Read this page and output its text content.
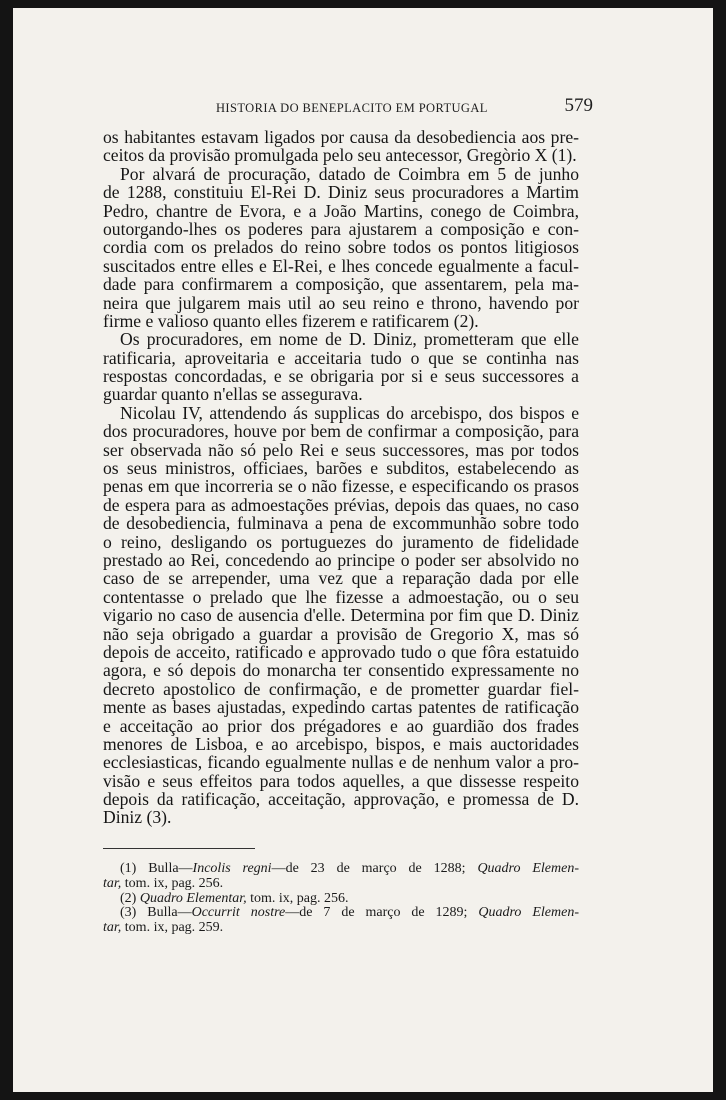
HISTORIA DO BENEPLACITO EM PORTUGAL	579
os habitantes estavam ligados por causa da desobediencia aos pre-
ceitos da provisão promulgada pelo seu antecessor, Gregòrio X (1).
Por alvará de procuração, datado de Coimbra em 5 de junho
de 1288, constituiu El-Rei D. Diniz seus procuradores a Martim
Pedro, chantre de Evora, e a João Martins, conego de Coimbra,
outorgando-lhes os poderes para ajustarem a composição e con-
cordia com os prelados do reino sobre todos os pontos litigiosos
suscitados entre elles e El-Rei, e lhes concede egualmente a facul-
dade para confirmarem a composição, que assentarem, pela ma-
neira que julgarem mais util ao seu reino e throno, havendo por
firme e valioso quanto elles fizerem e ratificarem (2).
Os procuradores, em nome de D. Diniz, prometteram que elle
ratificaria, aproveitaria e acceitaria tudo o que se continha nas
respostas concordadas, e se obrigaria por si e seus successores a
guardar quanto n'ellas se assegurava.
Nicolau IV, attendendo ás supplicas do arcebispo, dos bispos e
dos procuradores, houve por bem de confirmar a composição, para
ser observada não só pelo Rei e seus successores, mas por todos
os seus ministros, officiaes, barões e subditos, estabelecendo as
penas em que incorreria se o não fizesse, e especificando os prasos
de espera para as admoestações prévias, depois das quaes, no caso
de desobediencia, fulminava a pena de excommunhão sobre todo
o reino, desligando os portuguezes do juramento de fidelidade
prestado ao Rei, concedendo ao principe o poder ser absolvido no
caso de se arrepender, uma vez que a reparação dada por elle
contentasse o prelado que lhe fizesse a admoestação, ou o seu
vigario no caso de ausencia d'elle. Determina por fim que D. Diniz
não seja obrigado a guardar a provisão de Gregorio X, mas só
depois de acceito, ratificado e approvado tudo o que fôra estatuido
agora, e só depois do monarcha ter consentido expressamente no
decreto apostolico de confirmação, e de prometter guardar fiel-
mente as bases ajustadas, expedindo cartas patentes de ratificação
e acceitação ao prior dos prégadores e ao guardião dos frades
menores de Lisboa, e ao arcebispo, bispos, e mais auctoridades
ecclesiasticas, ficando egualmente nullas e de nenhum valor a pro-
visão e seus effeitos para todos aquelles, a que dissesse respeito
depois da ratificação, acceitação, approvação, e promessa de D.
Diniz (3).
(1) Bulla—Incolis regni—de 23 de março de 1288; Quadro Elemen-
tar, tom. ix, pag. 256.
(2) Quadro Elementar, tom. ix, pag. 256.
(3) Bulla—Occurrit nostre—de 7 de março de 1289; Quadro Elemen-
tar, tom. ix, pag. 259.
